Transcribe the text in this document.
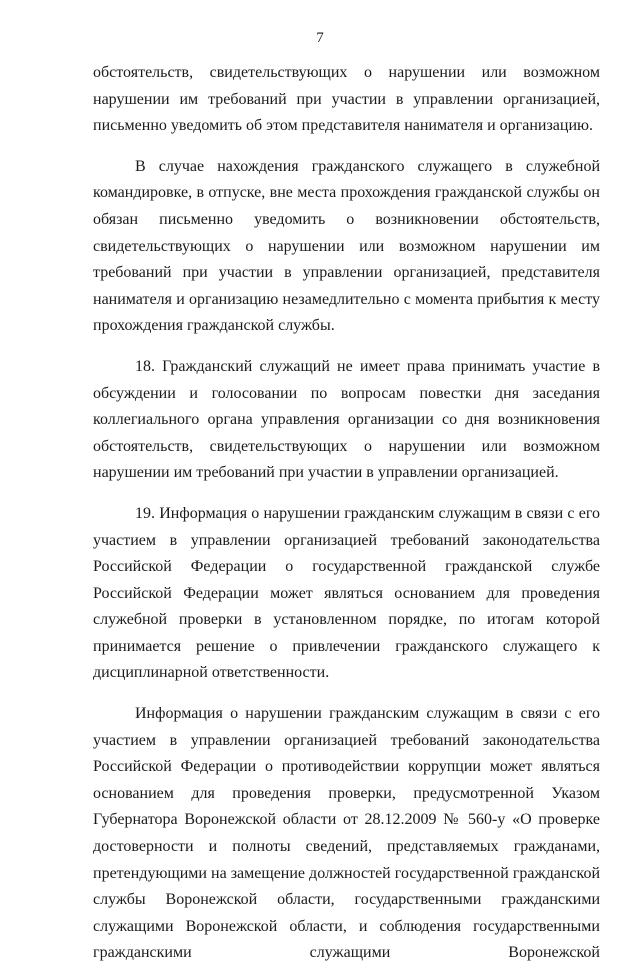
7

обстоятельств, свидетельствующих о нарушении или возможном нарушении им требований при участии в управлении организацией, письменно уведомить об этом представителя нанимателя и организацию.

В случае нахождения гражданского служащего в служебной командировке, в отпуске, вне места прохождения гражданской службы он обязан письменно уведомить о возникновении обстоятельств, свидетельствующих о нарушении или возможном нарушении им требований при участии в управлении организацией, представителя нанимателя и организацию незамедлительно с момента прибытия к месту прохождения гражданской службы.

18. Гражданский служащий не имеет права принимать участие в обсуждении и голосовании по вопросам повестки дня заседания коллегиального органа управления организации со дня возникновения обстоятельств, свидетельствующих о нарушении или возможном нарушении им требований при участии в управлении организацией.

19. Информация о нарушении гражданским служащим в связи с его участием в управлении организацией требований законодательства Российской Федерации о государственной гражданской службе Российской Федерации может являться основанием для проведения служебной проверки в установленном порядке, по итогам которой принимается решение о привлечении гражданского служащего к дисциплинарной ответственности.

Информация о нарушении гражданским служащим в связи с его участием в управлении организацией требований законодательства Российской Федерации о противодействии коррупции может являться основанием для проведения проверки, предусмотренной Указом Губернатора Воронежской области от 28.12.2009 № 560-у «О проверке достоверности и полноты сведений, представляемых гражданами, претендующими на замещение должностей государственной гражданской службы Воронежской области, государственными гражданскими служащими Воронежской области, и соблюдения государственными гражданскими служащими Воронежской
